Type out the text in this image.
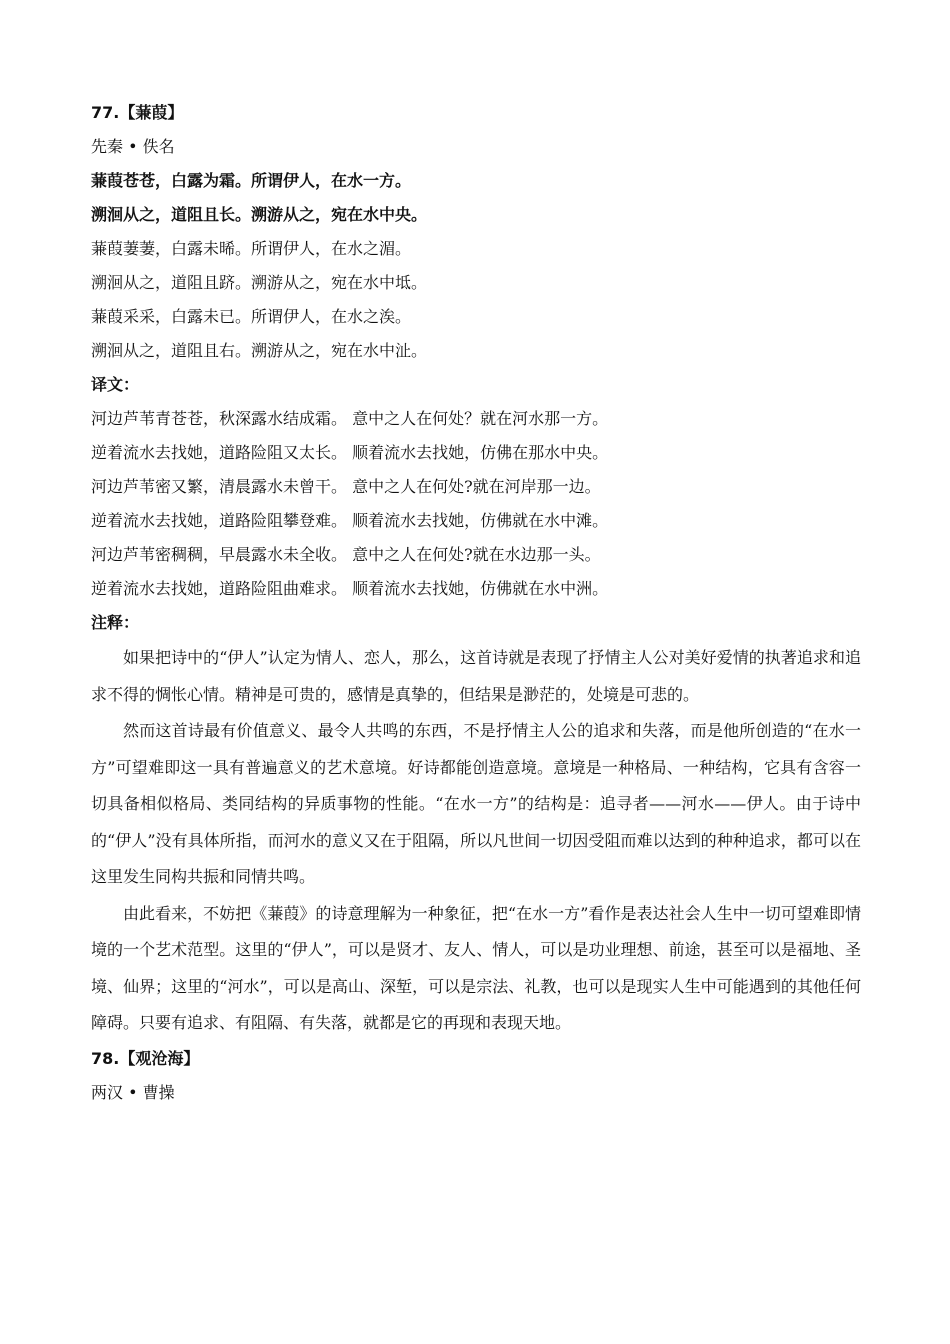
77.【蒹葭】
先秦 • 佚名
蒹葭苍苍，白露为霜。所谓伊人，在水一方。
溯洄从之，道阻且长。溯游从之，宛在水中央。
蒹葭萋萋，白露未晞。所谓伊人，在水之湄。
溯洄从之，道阻且跻。溯游从之，宛在水中坻。
蒹葭采采，白露未已。所谓伊人，在水之涘。
溯洄从之，道阻且右。溯游从之，宛在水中沚。
译文：
河边芦苇青苍苍，秋深露水结成霜。 意中之人在何处？就在河水那一方。
逆着流水去找她，道路险阻又太长。 顺着流水去找她，仿佛在那水中央。
河边芦苇密又繁，清晨露水未曾干。 意中之人在何处?就在河岸那一边。
逆着流水去找她，道路险阻攀登难。 顺着流水去找她，仿佛就在水中滩。
河边芦苇密稠稠，早晨露水未全收。 意中之人在何处?就在水边那一头。
逆着流水去找她，道路险阻曲难求。 顺着流水去找她，仿佛就在水中洲。
注释：

如果把诗中的“伊人”认定为情人、恋人，那么，这首诗就是表现了抒情主人公对美好爱情的执著追求和追求不得的惆怅心情。精神是可贵的，感情是真挚的，但结果是渺茫的，处境是可悲的。

然而这首诗最有价值意义、最令人共鸣的东西，不是抒情主人公的追求和失落，而是他所创造的“在水一方”可望难即这一具有普遍意义的艺术意境。好诗都能创造意境。意境是一种格局、一种结构，它具有含容一切具备相似格局、类同结构的异质事物的性能。“在水一方”的结构是：追寻者——河水——伊人。由于诗中的“伊人”没有具体所指，而河水的意义又在于阻隔，所以凡世间一切因受阻而难以达到的种种追求，都可以在这里发生同构共振和同情共鸣。

由此看来，不妨把《蒹葭》的诗意理解为一种象征，把“在水一方”看作是表达社会人生中一切可望难即情境的一个艺术范型。这里的“伊人”，可以是贤才、友人、情人，可以是功业理想、前途，甚至可以是福地、圣境、仙界；这里的“河水”，可以是高山、深堑，可以是宗法、礼教，也可以是现实人生中可能遇到的其他任何障碍。只要有追求、有阻隔、有失落，就都是它的再现和表现天地。

78.【观沧海】
两汉 • 曹操
